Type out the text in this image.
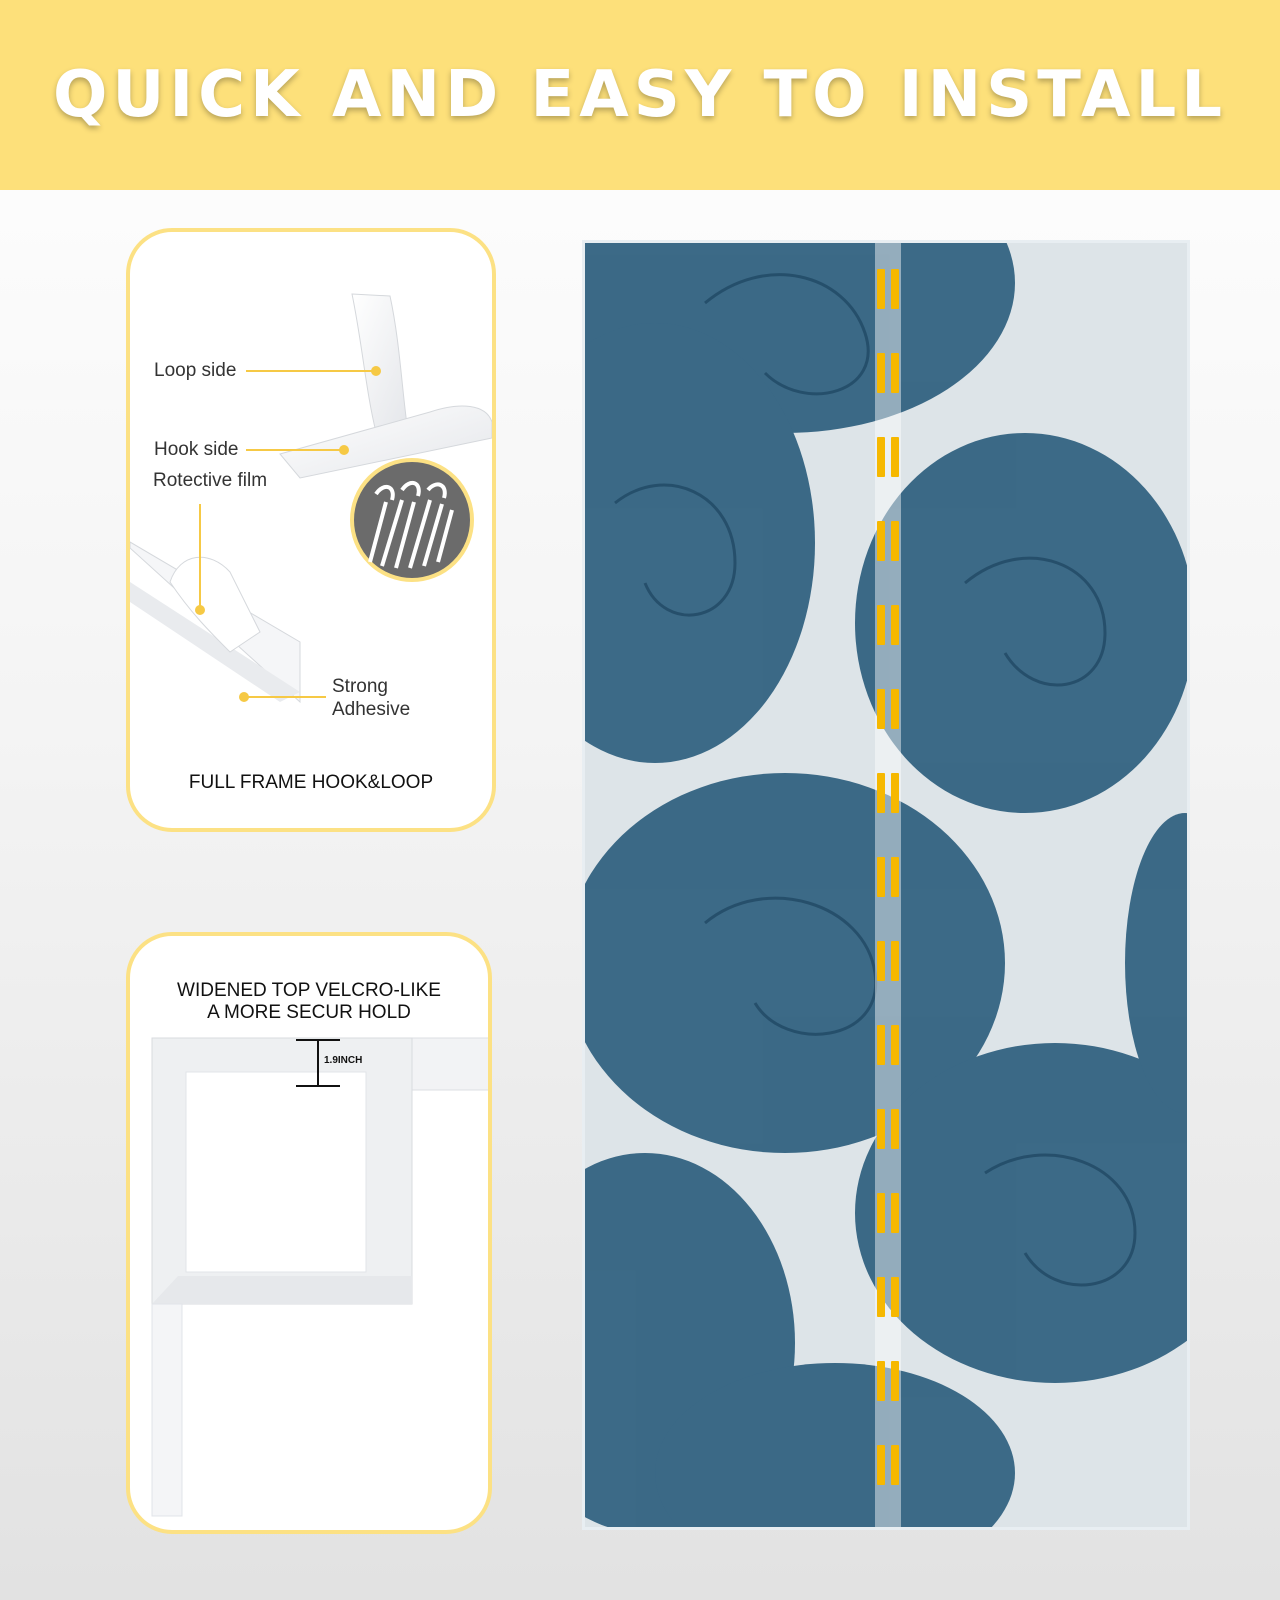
QUICK AND EASY TO INSTALL
Loop side
Hook side
Rotective film
Strong
Adhesive
FULL FRAME HOOK&LOOP
WIDENED TOP VELCRO-LIKE
A MORE SECUR HOLD
1.9INCH
